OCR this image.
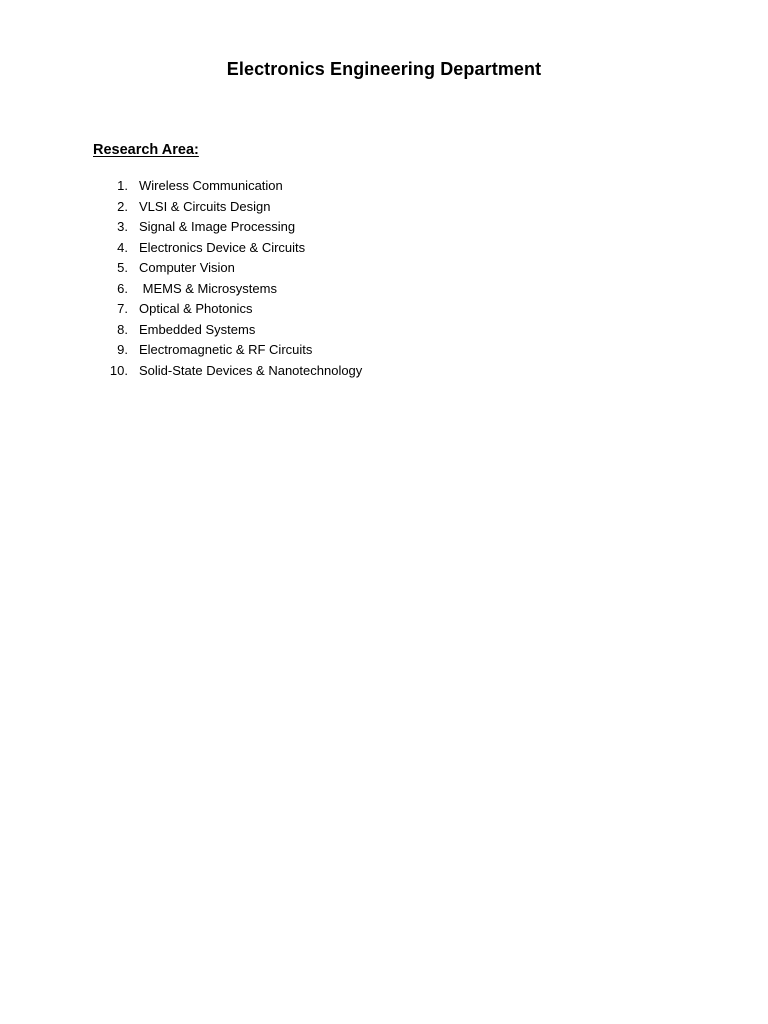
Electronics Engineering Department
Research Area:
1. Wireless Communication
2. VLSI & Circuits Design
3. Signal & Image Processing
4. Electronics Device & Circuits
5. Computer Vision
6. MEMS & Microsystems
7. Optical & Photonics
8. Embedded Systems
9. Electromagnetic & RF Circuits
10. Solid-State Devices & Nanotechnology
